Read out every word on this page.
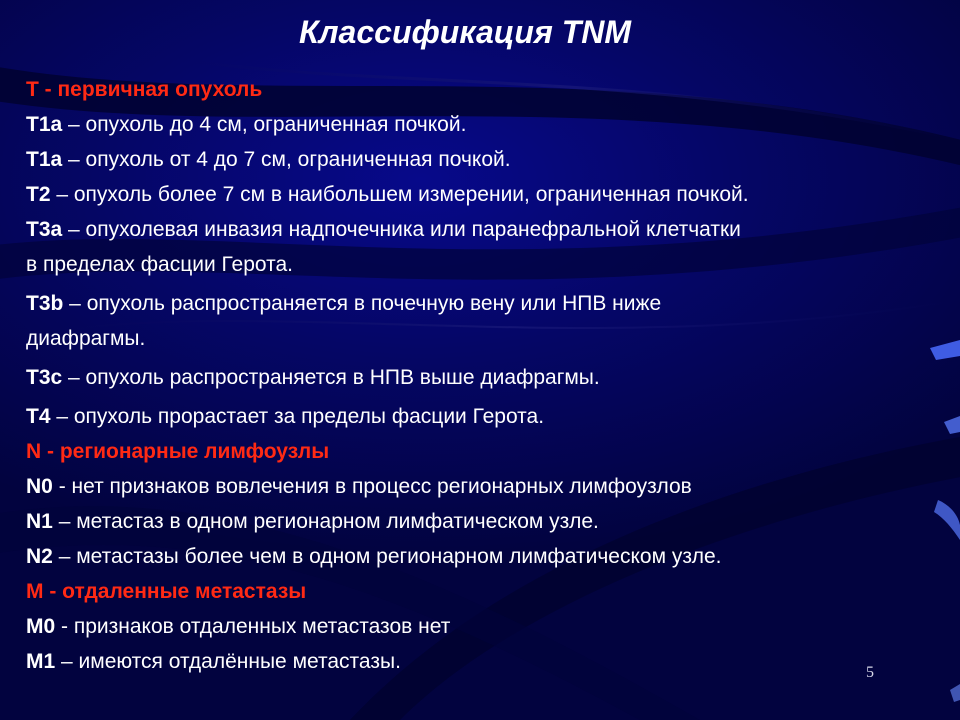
Классификация TNM
Т - первичная опухоль
T1a – опухоль до 4 см, ограниченная почкой.
T1a – опухоль от 4 до 7 см, ограниченная почкой.
T2 – опухоль более 7 см в наибольшем измерении, ограниченная почкой.
T3a – опухолевая инвазия надпочечника или паранефральной клетчатки
в пределах фасции Герота.
T3b – опухоль распространяется в почечную вену или НПВ ниже
диафрагмы.
T3c – опухоль распространяется в НПВ выше диафрагмы.
T4 – опухоль прорастает за пределы фасции Герота.
N - регионарные лимфоузлы
N0 - нет признаков вовлечения в процесс регионарных лимфоузлов
N1 – метастаз в одном регионарном лимфатическом узле.
N2 – метастазы более чем в одном регионарном лимфатическом узле.
M - отдаленные метастазы
M0 - признаков отдаленных метастазов нет
M1 – имеются отдалённые метастазы.	5
